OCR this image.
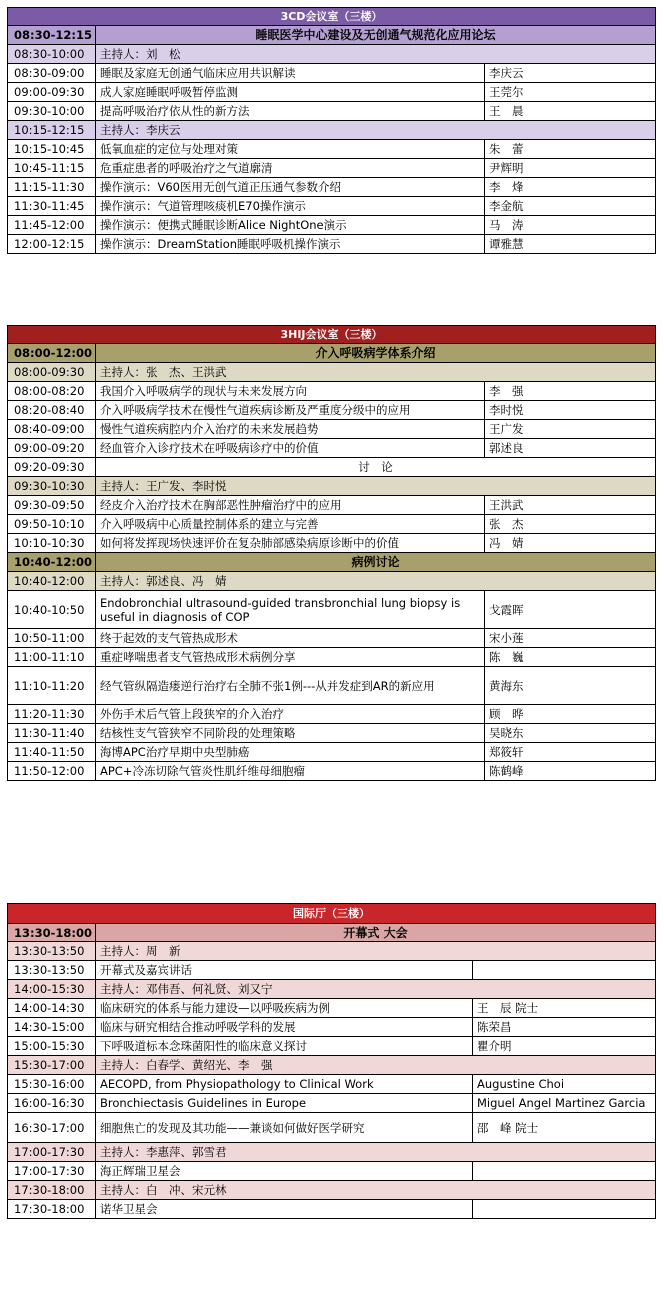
3CD会议室（三楼）		
08:30-12:15	睡眠医学中心建设及无创通气规范化应用论坛	
08:30-10:00	主持人：刘　松	
08:30-09:00	睡眠及家庭无创通气临床应用共识解读	李庆云
09:00-09:30	成人家庭睡眠呼吸暂停监测	王莞尔
09:30-10:00	提高呼吸治疗依从性的新方法	王　晨
10:15-12:15	主持人：李庆云	
10:15-10:45	低氧血症的定位与处理对策	朱　蕾
10:45-11:15	危重症患者的呼吸治疗之气道廓清	尹辉明
11:15-11:30	操作演示：V60医用无创气道正压通气参数介绍	李　烽
11:30-11:45	操作演示：气道管理咳痰机E70操作演示	李金航
11:45-12:00	操作演示：便携式睡眠诊断Alice NightOne演示	马　涛
12:00-12:15	操作演示：DreamStation睡眠呼吸机操作演示	谭雅慧
3HIJ会议室（三楼）		
08:00-12:00	介入呼吸病学体系介绍	
08:00-09:30	主持人：张　杰、王洪武	
08:00-08:20	我国介入呼吸病学的现状与未来发展方向	李　强
08:20-08:40	介入呼吸病学技术在慢性气道疾病诊断及严重度分级中的应用	李时悦
08:40-09:00	慢性气道疾病腔内介入治疗的未来发展趋势	王广发
09:00-09:20	经血管介入诊疗技术在呼吸病诊疗中的价值	郭述良
09:20-09:30	讨　论	
09:30-10:30	主持人：王广发、李时悦	
09:30-09:50	经皮介入治疗技术在胸部恶性肿瘤治疗中的应用	王洪武
09:50-10:10	介入呼吸病中心质量控制体系的建立与完善	张　杰
10:10-10:30	如何将发挥现场快速评价在复杂肺部感染病原诊断中的价值	冯　婧
10:40-12:00	病例讨论	
10:40-12:00	主持人：郭述良、冯　婧	
10:40-10:50	Endobronchial ultrasound-guided transbronchial lung biopsy is useful in diagnosis of COP	戈霞晖
10:50-11:00	终于起效的支气管热成形术	宋小莲
11:00-11:10	重症哮喘患者支气管热成形术病例分享	陈　巍
11:10-11:20	经气管纵隔造瘘逆行治疗右全肺不张1例---从并发症到AR的新应用	黄海东
11:20-11:30	外伤手术后气管上段狭窄的介入治疗	顾　晔
11:30-11:40	结核性支气管狭窄不同阶段的处理策略	吴晓东
11:40-11:50	海博APC治疗早期中央型肺癌	郑筱轩
11:50-12:00	APC+冷冻切除气管炎性肌纤维母细胞瘤	陈鹤峰
国际厅（三楼）		
13:30-18:00	开幕式 大会	
13:30-13:50	主持人：周　新	
13:30-13:50	开幕式及嘉宾讲话	
14:00-15:30	主持人：邓伟吾、何礼贤、刘又宁	
14:00-14:30	临床研究的体系与能力建设—以呼吸疾病为例	王　辰 院士
14:30-15:00	临床与研究相结合推动呼吸学科的发展	陈荣昌
15:00-15:30	下呼吸道标本念珠菌阳性的临床意义探讨	瞿介明
15:30-17:00	主持人：白春学、黄绍光、李　强	
15:30-16:00	AECOPD, from Physiopathology to Clinical Work	Augustine Choi
16:00-16:30	Bronchiectasis Guidelines in Europe	Miguel Angel Martinez Garcia
16:30-17:00	细胞焦亡的发现及其功能——兼谈如何做好医学研究	邵　峰 院士
17:00-17:30	主持人：李惠萍、郭雪君	
17:00-17:30	海正辉瑞卫星会	
17:30-18:00	主持人：白　冲、宋元林	
17:30-18:00	诺华卫星会	
